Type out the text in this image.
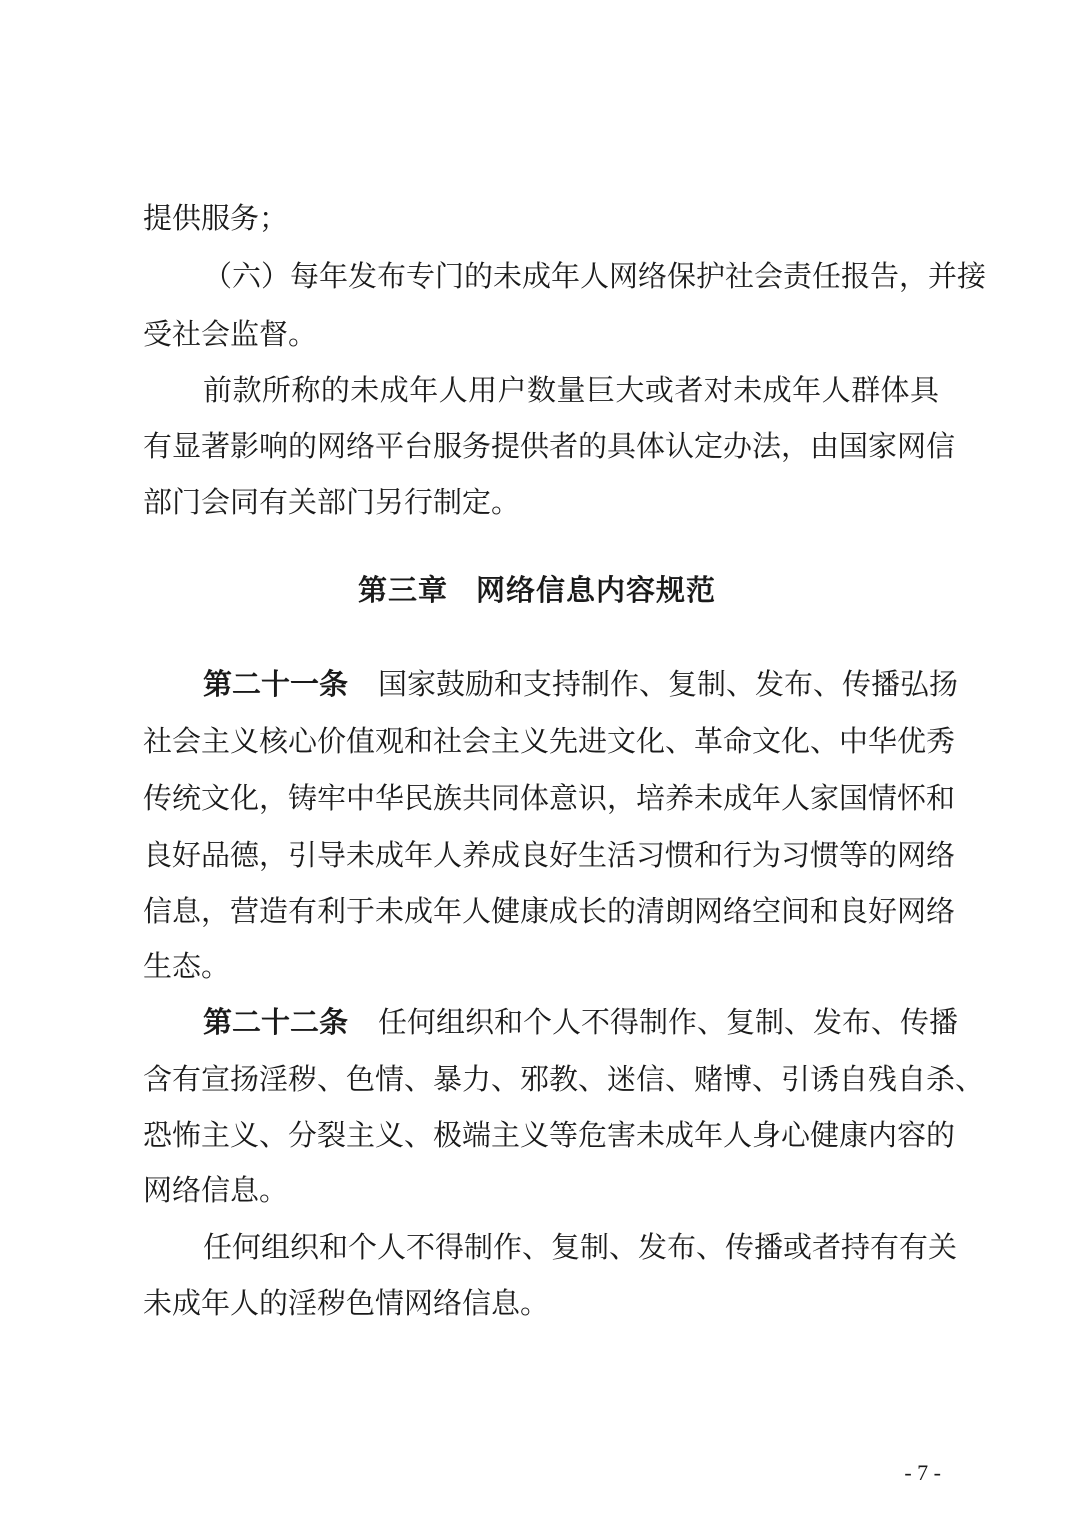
提供服务；
（六）每年发布专门的未成年人网络保护社会责任报告，并接
受社会监督。
前款所称的未成年人用户数量巨大或者对未成年人群体具
有显著影响的网络平台服务提供者的具体认定办法，由国家网信
部门会同有关部门另行制定。
第三章 网络信息内容规范
第二十一条 国家鼓励和支持制作、复制、发布、传播弘扬
社会主义核心价值观和社会主义先进文化、革命文化、中华优秀
传统文化，铸牢中华民族共同体意识，培养未成年人家国情怀和
良好品德，引导未成年人养成良好生活习惯和行为习惯等的网络
信息，营造有利于未成年人健康成长的清朗网络空间和良好网络
生态。
第二十二条 任何组织和个人不得制作、复制、发布、传播
含有宣扬淫秽、色情、暴力、邪教、迷信、赌博、引诱自残自杀、
恐怖主义、分裂主义、极端主义等危害未成年人身心健康内容的
网络信息。
任何组织和个人不得制作、复制、发布、传播或者持有有关
未成年人的淫秽色情网络信息。
- 7 -
